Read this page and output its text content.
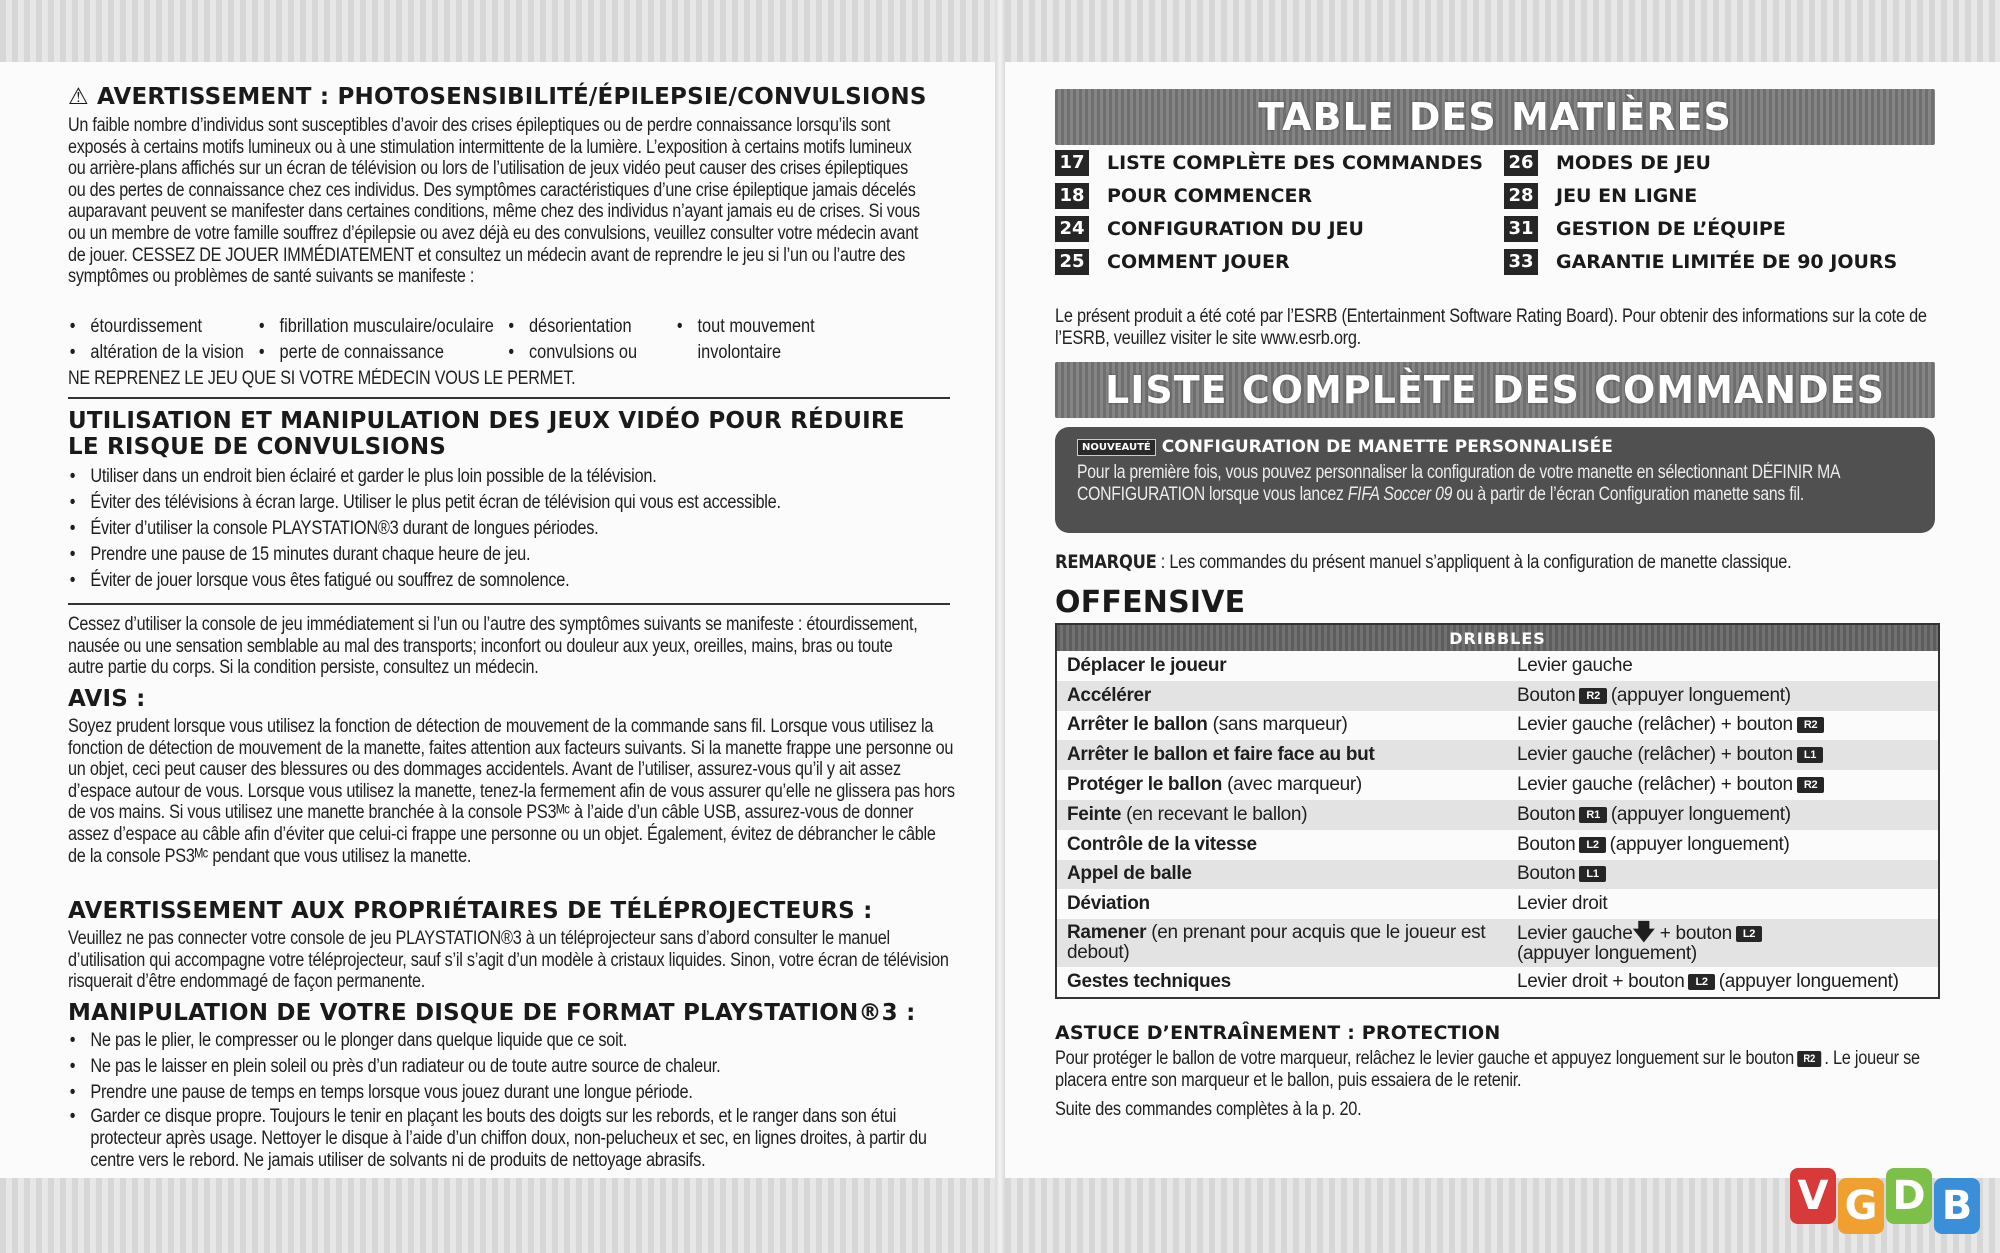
⚠ AVERTISSEMENT : PHOTOSENSIBILITÉ/ÉPILEPSIE/CONVULSIONS
Un faible nombre d’individus sont susceptibles d’avoir des crises épileptiques ou de perdre connaissance lorsqu’ils sont exposés à certains motifs lumineux ou à une stimulation intermittente de la lumière. L’exposition à certains motifs lumineux ou arrière-plans affichés sur un écran de télévision ou lors de l’utilisation de jeux vidéo peut causer des crises épileptiques ou des pertes de connaissance chez ces individus. Des symptômes caractéristiques d’une crise épileptique jamais décelés auparavant peuvent se manifester dans certaines conditions, même chez des individus n’ayant jamais eu de crises. Si vous ou un membre de votre famille souffrez d’épilepsie ou avez déjà eu des convulsions, veuillez consulter votre médecin avant de jouer. CESSEZ DE JOUER IMMÉDIATEMENT et consultez un médecin avant de reprendre le jeu si l’un ou l’autre des symptômes ou problèmes de santé suivants se manifeste :
• étourdissement	• fibrillation musculaire/oculaire	• désorientation	• tout mouvement
• altération de la vision	• perte de connaissance	• convulsions ou	involontaire
NE REPRENEZ LE JEU QUE SI VOTRE MÉDECIN VOUS LE PERMET.
UTILISATION ET MANIPULATION DES JEUX VIDÉO POUR RÉDUIRE
LE RISQUE DE CONVULSIONS
• Utiliser dans un endroit bien éclairé et garder le plus loin possible de la télévision.
• Éviter des télévisions à écran large. Utiliser le plus petit écran de télévision qui vous est accessible.
• Éviter d’utiliser la console PLAYSTATION®3 durant de longues périodes.
• Prendre une pause de 15 minutes durant chaque heure de jeu.
• Éviter de jouer lorsque vous êtes fatigué ou souffrez de somnolence.
Cessez d’utiliser la console de jeu immédiatement si l’un ou l’autre des symptômes suivants se manifeste : étourdissement, nausée ou une sensation semblable au mal des transports; inconfort ou douleur aux yeux, oreilles, mains, bras ou toute autre partie du corps. Si la condition persiste, consultez un médecin.
AVIS :
Soyez prudent lorsque vous utilisez la fonction de détection de mouvement de la commande sans fil. Lorsque vous utilisez la fonction de détection de mouvement de la manette, faites attention aux facteurs suivants. Si la manette frappe une personne ou un objet, ceci peut causer des blessures ou des dommages accidentels. Avant de l’utiliser, assurez-vous qu’il y ait assez d’espace autour de vous. Lorsque vous utilisez la manette, tenez-la fermement afin de vous assurer qu’elle ne glissera pas hors de vos mains. Si vous utilisez une manette branchée à la console PS3ᴹᶜ à l’aide d’un câble USB, assurez-vous de donner assez d’espace au câble afin d’éviter que celui-ci frappe une personne ou un objet. Également, évitez de débrancher le câble de la console PS3ᴹᶜ pendant que vous utilisez la manette.
AVERTISSEMENT AUX PROPRIÉTAIRES DE TÉLÉPROJECTEURS :
Veuillez ne pas connecter votre console de jeu PLAYSTATION®3 à un téléprojecteur sans d’abord consulter le manuel d’utilisation qui accompagne votre téléprojecteur, sauf s’il s’agit d’un modèle à cristaux liquides. Sinon, votre écran de télévision risquerait d’être endommagé de façon permanente.
MANIPULATION DE VOTRE DISQUE DE FORMAT PLAYSTATION®3 :
• Ne pas le plier, le compresser ou le plonger dans quelque liquide que ce soit.
• Ne pas le laisser en plein soleil ou près d’un radiateur ou de toute autre source de chaleur.
• Prendre une pause de temps en temps lorsque vous jouez durant une longue période.
• Garder ce disque propre. Toujours le tenir en plaçant les bouts des doigts sur les rebords, et le ranger dans son étui protecteur après usage. Nettoyer le disque à l’aide d’un chiffon doux, non-pelucheux et sec, en lignes droites, à partir du centre vers le rebord. Ne jamais utiliser de solvants ni de produits de nettoyage abrasifs.
TABLE DES MATIÈRES
17 LISTE COMPLÈTE DES COMMANDES
18 POUR COMMENCER
24 CONFIGURATION DU JEU
25 COMMENT JOUER
26 MODES DE JEU
28 JEU EN LIGNE
31 GESTION DE L’ÉQUIPE
33 GARANTIE LIMITÉE DE 90 JOURS
Le présent produit a été coté par l’ESRB (Entertainment Software Rating Board). Pour obtenir des informations sur la cote de l’ESRB, veuillez visiter le site www.esrb.org.
LISTE COMPLÈTE DES COMMANDES
NOUVEAUTÉ CONFIGURATION DE MANETTE PERSONNALISÉE
Pour la première fois, vous pouvez personnaliser la configuration de votre manette en sélectionnant DÉFINIR MA CONFIGURATION lorsque vous lancez FIFA Soccer 09 ou à partir de l’écran Configuration manette sans fil.
REMARQUE : Les commandes du présent manuel s’appliquent à la configuration de manette classique.
OFFENSIVE
DRIBBLES	
Déplacer le joueur	Levier gauche
Accélérer	Bouton R2 (appuyer longuement)
Arrêter le ballon (sans marqueur)	Levier gauche (relâcher) + bouton R2
Arrêter le ballon et faire face au but	Levier gauche (relâcher) + bouton L1
Protéger le ballon (avec marqueur)	Levier gauche (relâcher) + bouton R2
Feinte (en recevant le ballon)	Bouton R1 (appuyer longuement)
Contrôle de la vitesse	Bouton L2 (appuyer longuement)
Appel de balle	Bouton L1
Déviation	Levier droit
Ramener (en prenant pour acquis que le joueur est debout)	Levier gauche🡇 + bouton L2
(appuyer longuement)
Gestes techniques	Levier droit + bouton L2 (appuyer longuement)
ASTUCE D’ENTRAÎNEMENT : PROTECTION
Pour protéger le ballon de votre marqueur, relâchez le levier gauche et appuyez longuement sur le bouton R2 . Le joueur se placera entre son marqueur et le ballon, puis essaiera de le retenir.
Suite des commandes complètes à la p. 20.
V G D B
